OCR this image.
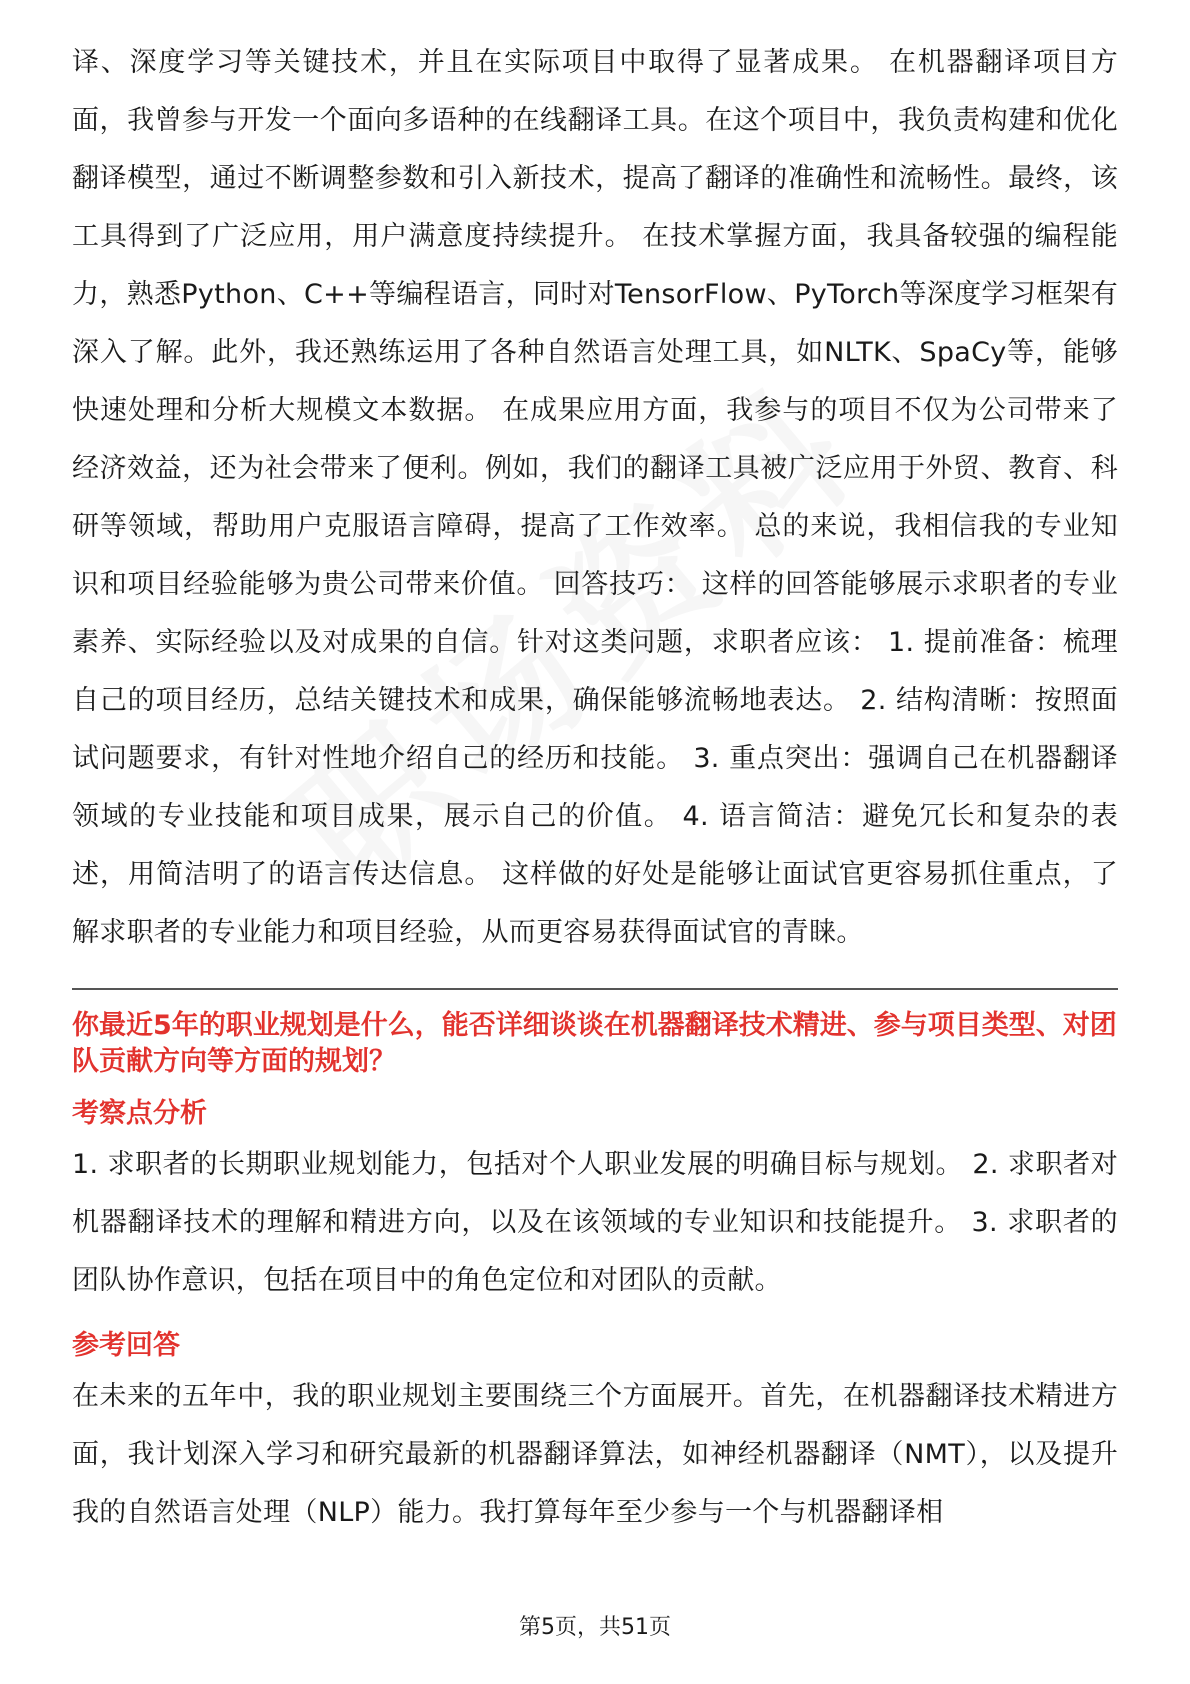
译、深度学习等关键技术，并且在实际项目中取得了显著成果。 在机器翻译项目方面，我曾参与开发一个面向多语种的在线翻译工具。在这个项目中，我负责构建和优化翻译模型，通过不断调整参数和引入新技术，提高了翻译的准确性和流畅性。最终，该工具得到了广泛应用，用户满意度持续提升。 在技术掌握方面，我具备较强的编程能力，熟悉Python、C++等编程语言，同时对TensorFlow、PyTorch等深度学习框架有深入了解。此外，我还熟练运用了各种自然语言处理工具，如NLTK、SpaCy等，能够快速处理和分析大规模文本数据。 在成果应用方面，我参与的项目不仅为公司带来了经济效益，还为社会带来了便利。例如，我们的翻译工具被广泛应用于外贸、教育、科研等领域，帮助用户克服语言障碍，提高了工作效率。 总的来说，我相信我的专业知识和项目经验能够为贵公司带来价值。 回答技巧： 这样的回答能够展示求职者的专业素养、实际经验以及对成果的自信。针对这类问题，求职者应该： 1. 提前准备：梳理自己的项目经历，总结关键技术和成果，确保能够流畅地表达。 2. 结构清晰：按照面试问题要求，有针对性地介绍自己的经历和技能。 3. 重点突出：强调自己在机器翻译领域的专业技能和项目成果，展示自己的价值。 4. 语言简洁：避免冗长和复杂的表述，用简洁明了的语言传达信息。 这样做的好处是能够让面试官更容易抓住重点，了解求职者的专业能力和项目经验，从而更容易获得面试官的青睐。

你最近5年的职业规划是什么，能否详细谈谈在机器翻译技术精进、参与项目类型、对团队贡献方向等方面的规划？

考察点分析

1. 求职者的长期职业规划能力，包括对个人职业发展的明确目标与规划。 2. 求职者对机器翻译技术的理解和精进方向，以及在该领域的专业知识和技能提升。 3. 求职者的团队协作意识，包括在项目中的角色定位和对团队的贡献。

参考回答

在未来的五年中，我的职业规划主要围绕三个方面展开。首先，在机器翻译技术精进方面，我计划深入学习和研究最新的机器翻译算法，如神经机器翻译（NMT），以及提升我的自然语言处理（NLP）能力。我打算每年至少参与一个与机器翻译相

第5页，共51页
